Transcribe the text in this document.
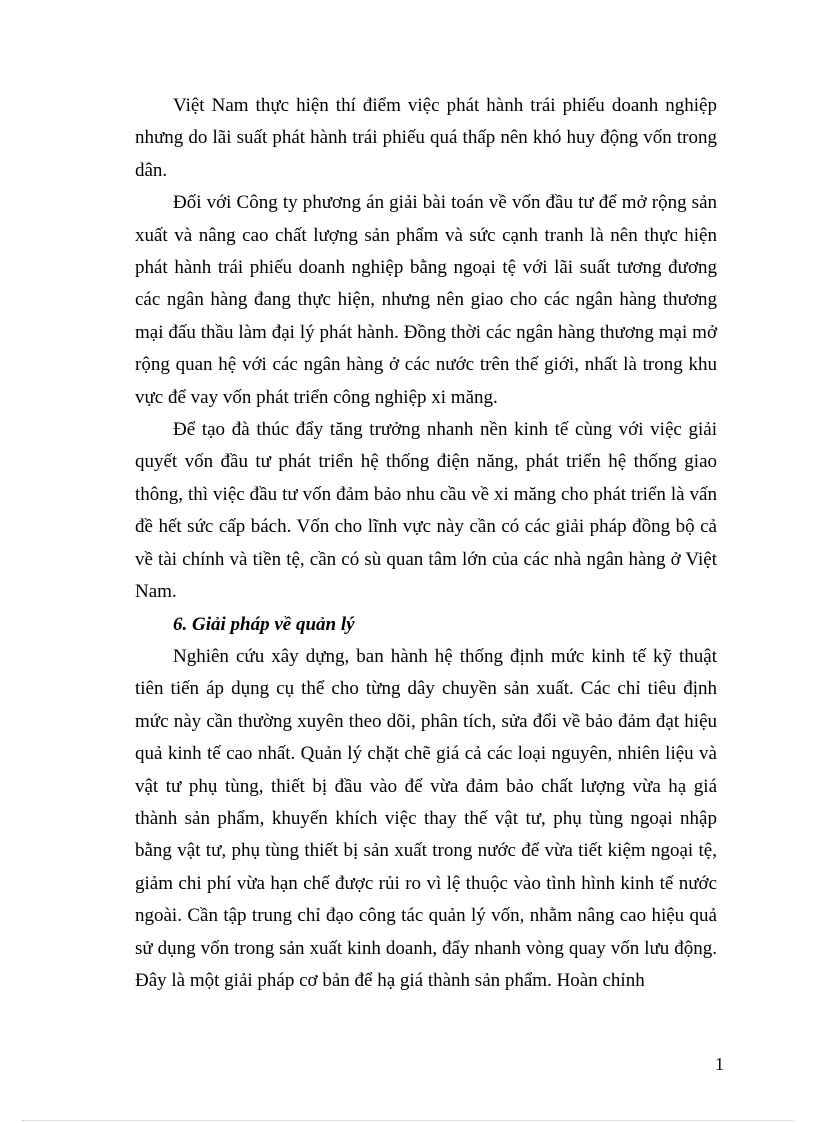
Việt Nam thực hiện thí điểm việc phát hành trái phiếu doanh nghiệp nhưng do lãi suất phát hành trái phiếu quá thấp nên khó huy động vốn trong dân.

Đối với Công ty phương án giải bài toán về vốn đầu tư để mở rộng sản xuất và nâng cao chất lượng sản phẩm và sức cạnh tranh là nên thực hiện phát hành trái phiếu doanh nghiệp bằng ngoại tệ với lãi suất tương đương các ngân hàng đang thực hiện, nhưng nên giao cho các ngân hàng thương mại đấu thầu làm đại lý phát hành. Đồng thời các ngân hàng thương mại mở rộng quan hệ với các ngân hàng ở các nước trên thế giới, nhất là trong khu vực để vay vốn phát triển công nghiệp xi măng.

Để tạo đà thúc đẩy tăng trưởng nhanh nền kinh tế cùng với việc giải quyết vốn đầu tư phát triển hệ thống điện năng, phát triển hệ thống giao thông, thì việc đầu tư vốn đảm bảo nhu cầu về xi măng cho phát triển là vấn đề hết sức cấp bách. Vốn cho lĩnh vực này cần có các giải pháp đồng bộ cả về tài chính và tiền tệ, cần có sù quan tâm lớn của các nhà ngân hàng ở Việt Nam.

6. Giải pháp về quản lý

Nghiên cứu xây dựng, ban hành hệ thống định mức kinh tế kỹ thuật tiên tiến áp dụng cụ thể cho từng dây chuyền sản xuất. Các chỉ tiêu định mức này cần thường xuyên theo dõi, phân tích, sửa đổi về bảo đảm đạt hiệu quả kinh tế cao nhất. Quản lý chặt chẽ giá cả các loại nguyên, nhiên liệu và vật tư phụ tùng, thiết bị đầu vào để vừa đảm bảo chất lượng vừa hạ giá thành sản phẩm, khuyến khích việc thay thế vật tư, phụ tùng ngoại nhập bằng vật tư, phụ tùng thiết bị sản xuất trong nước để vừa tiết kiệm ngoại tệ, giảm chi phí vừa hạn chế được rủi ro vì lệ thuộc vào tình hình kinh tế nước ngoài. Cần tập trung chỉ đạo công tác quản lý vốn, nhằm nâng cao hiệu quả sử dụng vốn trong sản xuất kinh doanh, đẩy nhanh vòng quay vốn lưu động. Đây là một giải pháp cơ bản để hạ giá thành sản phẩm. Hoàn chỉnh

1
